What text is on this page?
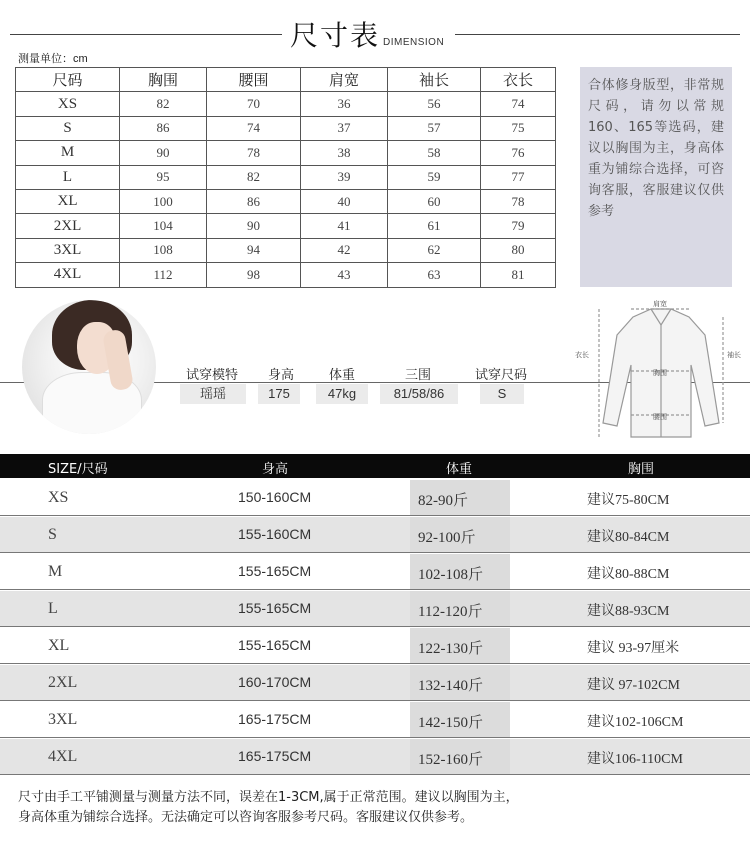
尺寸表 DIMENSION
测量单位：cm
尺码	胸围	腰围	肩宽	袖长	衣长
XS	82	70	36	56	74
S	86	74	37	57	75
M	90	78	38	58	76
L	95	82	39	59	77
XL	100	86	40	60	78
2XL	104	90	41	61	79
3XL	108	94	42	62	80
4XL	112	98	43	63	81
合体修身版型，非常规尺码，请勿以常规160、165等选码，建议以胸围为主，身高体重为铺综合选择，可咨询客服，客服建议仅供参考
试穿模特	身高	体重	三围	试穿尺码
瑶瑶	175	47kg	81/58/86	S
肩宽
衣长	袖长
胸围
腰围
SIZE/尺码	身高	体重	胸围
XS	150-160CM	82-90斤	建议75-80CM
S	155-160CM	92-100斤	建议80-84CM
M	155-165CM	102-108斤	建议80-88CM
L	155-165CM	112-120斤	建议88-93CM
XL	155-165CM	122-130斤	建议 93-97厘米
2XL	160-170CM	132-140斤	建议 97-102CM
3XL	165-175CM	142-150斤	建议102-106CM
4XL	165-175CM	152-160斤	建议106-110CM
尺寸由手工平铺测量与测量方法不同，误差在1-3CM,属于正常范围。建议以胸围为主，
身高体重为铺综合选择。无法确定可以咨询客服参考尺码。客服建议仅供参考。
